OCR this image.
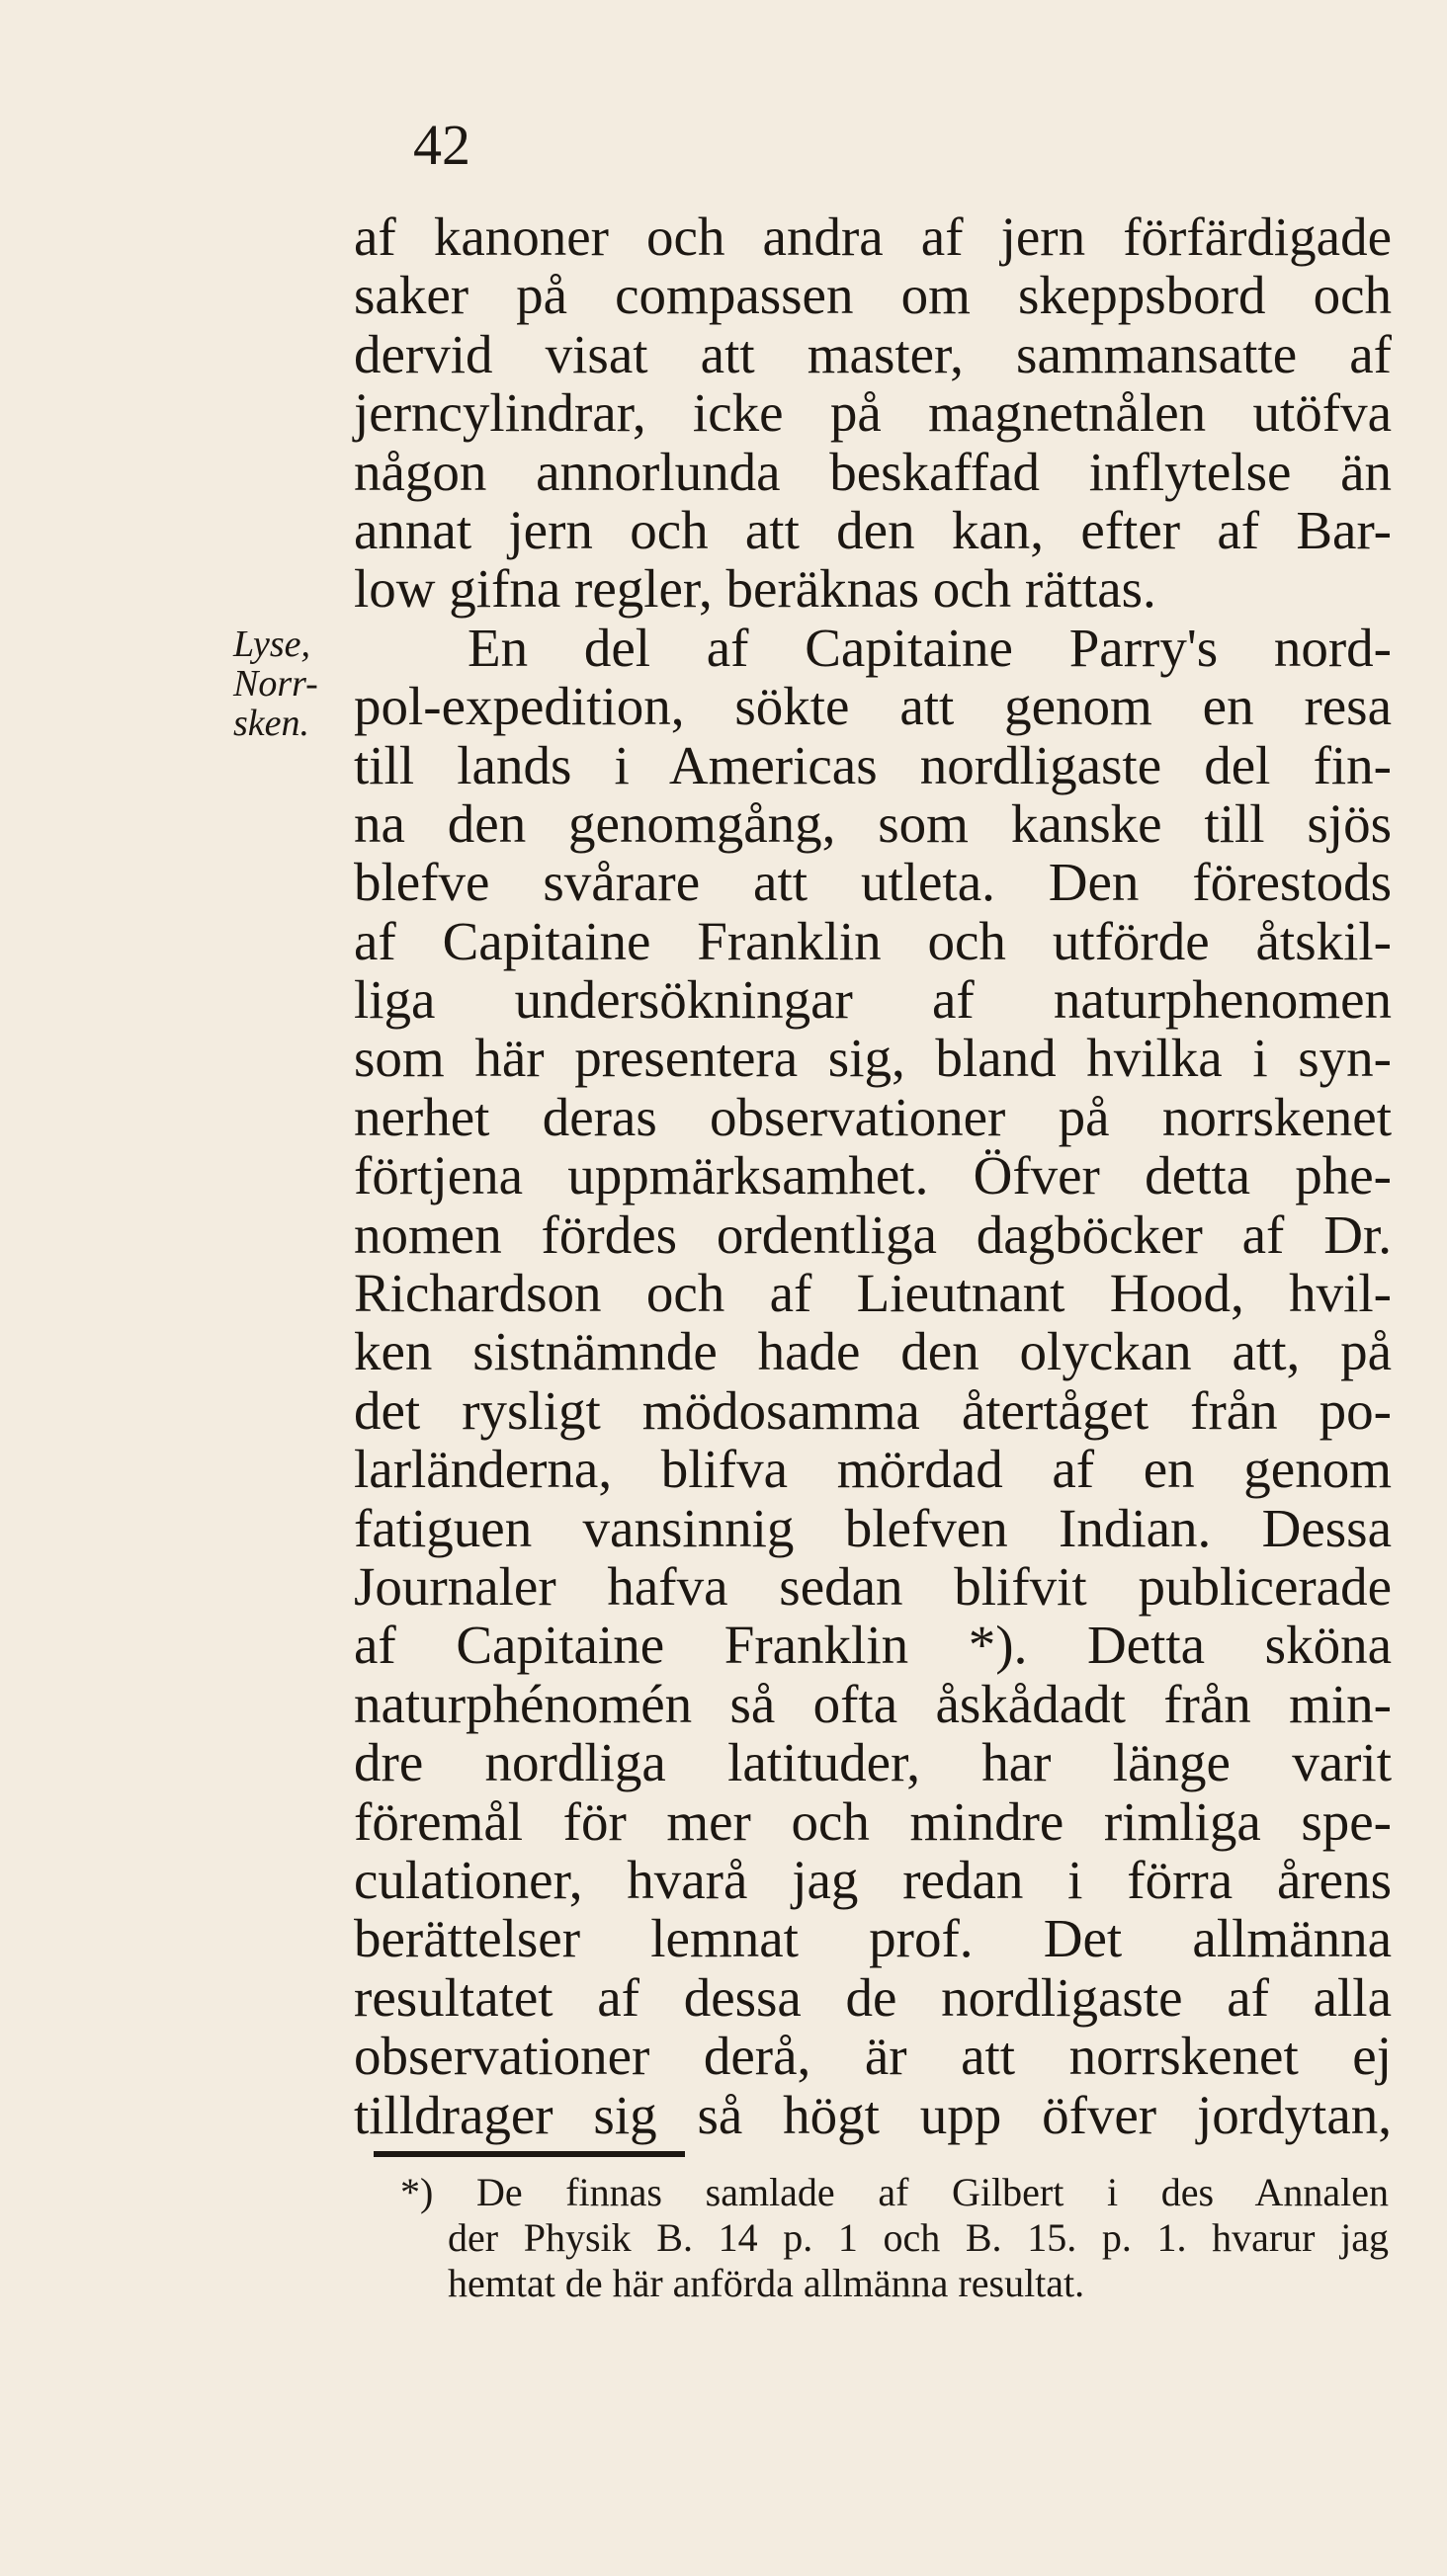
42
Lyse,
Norr-
sken.
af kanoner och andra af jern förfärdigade
saker på compassen om skeppsbord och
dervid visat att master, sammansatte af
jerncylindrar, icke på magnetnålen utöfva
någon annorlunda beskaffad inflytelse än
annat jern och att den kan, efter af Bar-
low gifna regler, beräknas och rättas.
En del af Capitaine Parry's nord-
pol-expedition, sökte att genom en resa
till lands i Americas nordligaste del fin-
na den genomgång, som kanske till sjös
blefve svårare att utleta. Den förestods
af Capitaine Franklin och utförde åtskil-
liga undersökningar af naturphenomen
som här presentera sig, bland hvilka i syn-
nerhet deras observationer på norrskenet
förtjena uppmärksamhet. Öfver detta phe-
nomen fördes ordentliga dagböcker af Dr.
Richardson och af Lieutnant Hood, hvil-
ken sistnämnde hade den olyckan att, på
det rysligt mödosamma återtåget från po-
larländerna, blifva mördad af en genom
fatiguen vansinnig blefven Indian. Dessa
Journaler hafva sedan blifvit publicerade
af Capitaine Franklin *). Detta sköna
naturphénomén så ofta åskådadt från min-
dre nordliga latituder, har länge varit
föremål för mer och mindre rimliga spe-
culationer, hvarå jag redan i förra årens
berättelser lemnat prof. Det allmänna
resultatet af dessa de nordligaste af alla
observationer derå, är att norrskenet ej
tilldrager sig så högt upp öfver jordytan,
*) De finnas samlade af Gilbert i des Annalen
der Physik B. 14 p. 1 och B. 15. p. 1. hvarur jag
hemtat de här anförda allmänna resultat.
